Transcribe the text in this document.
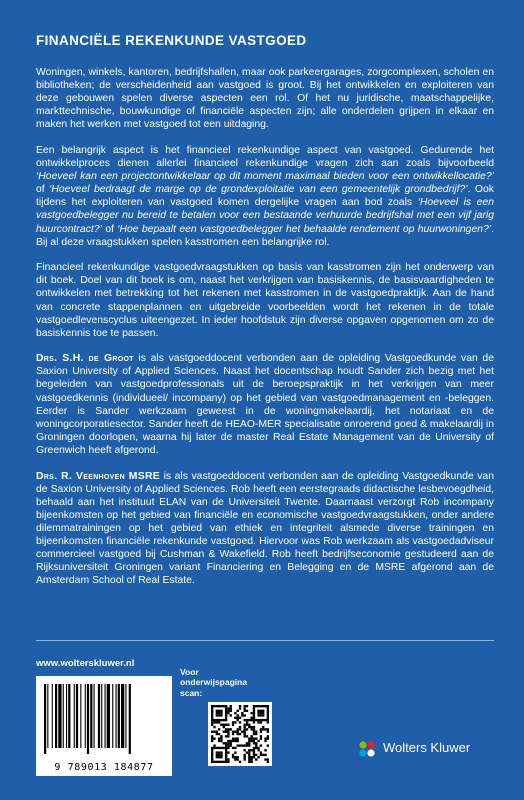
FINANCIËLE REKENKUNDE VASTGOED

Woningen, winkels, kantoren, bedrijfshallen, maar ook parkeergarages, zorgcomplexen, scholen en bibliotheken; de verscheidenheid aan vastgoed is groot. Bij het ontwikkelen en exploiteren van deze gebouwen spelen diverse aspecten een rol. Of het nu juridische, maatschappelijke, markttechnische, bouwkundige of financiële aspecten zijn; alle onderdelen grijpen in elkaar en maken het werken met vastgoed tot een uitdaging.

Een belangrijk aspect is het financieel rekenkundige aspect van vastgoed. Gedurende het ontwikkelproces dienen allerlei financieel rekenkundige vragen zich aan zoals bijvoorbeeld ‘Hoeveel kan een projectontwikkelaar op dit moment maximaal bieden voor een ontwikkellocatie?’ of ‘Hoeveel bedraagt de marge op de grondexploitatie van een gemeentelijk grondbedrijf?’. Ook tijdens het exploiteren van vastgoed komen dergelijke vragen aan bod zoals ‘Hoeveel is een vastgoedbelegger nu bereid te betalen voor een bestaande verhuurde bedrijfshal met een vijf jarig huurcontract?’ of ‘Hoe bepaalt een vastgoedbelegger het behaalde rendement op huurwoningen?’. Bij al deze vraagstukken spelen kasstromen een belangrijke rol.

Financieel rekenkundige vastgoedvraagstukken op basis van kasstromen zijn het onderwerp van dit boek. Doel van dit boek is om, naast het verkrijgen van basiskennis, de basisvaardigheden te ontwikkelen met betrekking tot het rekenen met kasstromen in de vastgoedpraktijk. Aan de hand van concrete stappenplannen en uitgebreide voorbeelden wordt het rekenen in de totale vastgoedlevenscyclus uiteengezet. In ieder hoofdstuk zijn diverse opgaven opgenomen om zo de basiskennis toe te passen.

Drs. S.H. de Groot is als vastgoeddocent verbonden aan de opleiding Vastgoedkunde van de Saxion University of Applied Sciences. Naast het docentschap houdt Sander zich bezig met het begeleiden van vastgoedprofessionals uit de beroepspraktijk in het verkrijgen van meer vastgoedkennis (individueel/ incompany) op het gebied van vastgoedmanagement en -beleggen. Eerder is Sander werkzaam geweest in de woningmakelaardij, het notariaat en de woningcorporatiesector. Sander heeft de HEAO-MER specialisatie onroerend goed & makelaardij in Groningen doorlopen, waarna hij later de master Real Estate Management van de University of Greenwich heeft afgerond.

Drs. R. Veenhoven MSRE is als vastgoeddocent verbonden aan de opleiding Vastgoedkunde van de Saxion University of Applied Sciences. Rob heeft een eerstegraads didactische lesbevoegdheid, behaald aan het instituut ELAN van de Universiteit Twente. Daarnaast verzorgt Rob incompany bijeenkomsten op het gebied van financiële en economische vastgoedvraagstukken, onder andere dilemmatrainingen op het gebied van ethiek en integriteit alsmede diverse trainingen en bijeenkomsten financiële rekenkunde vastgoed. Hiervoor was Rob werkzaam als vastgoedadviseur commercieel vastgoed bij Cushman & Wakefield. Rob heeft bedrijfseconomie gestudeerd aan de Rijksuniversiteit Groningen variant Financiering en Belegging en de MSRE afgerond aan de Amsterdam School of Real Estate.

www.wolterskluwer.nl
9 789013 184877
Voor
onderwijspagina
scan:
Wolters Kluwer
